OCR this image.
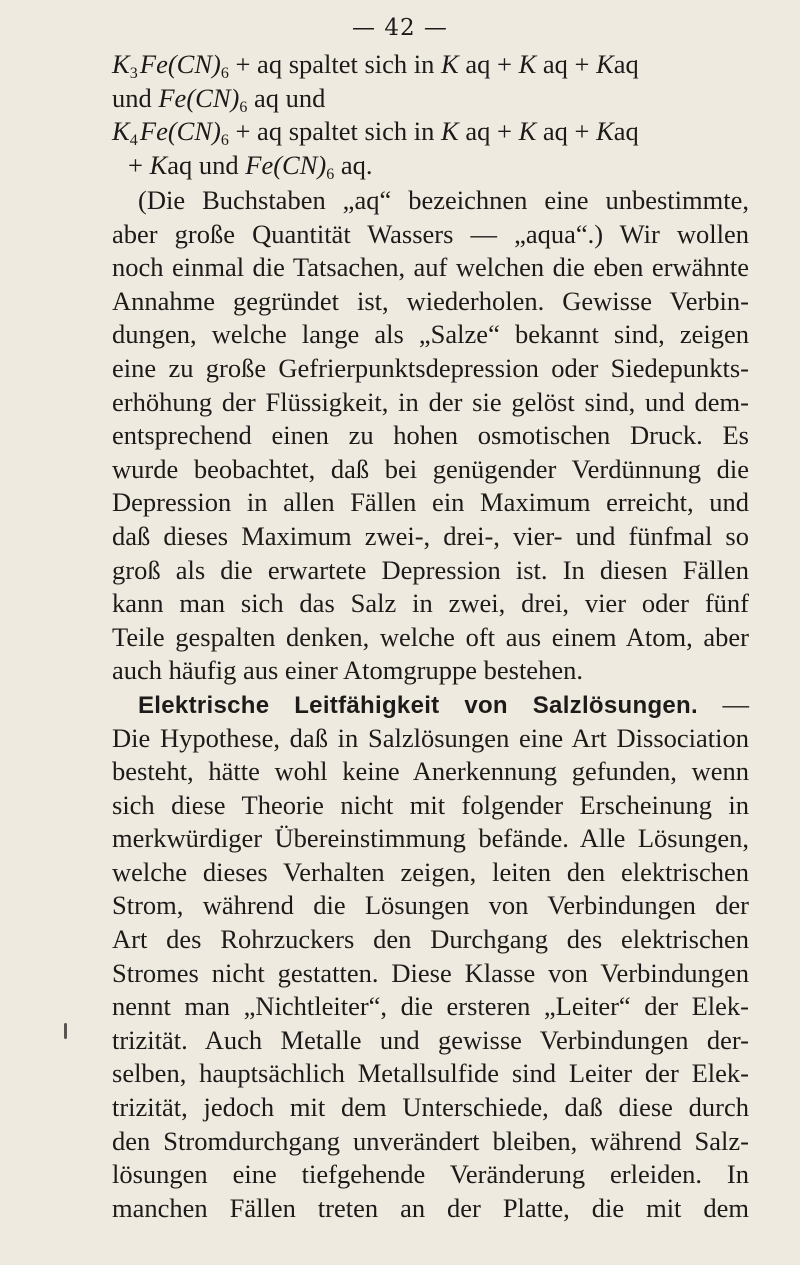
— 42 —
$K_3$ $Fe(CN)_6$ + aq spaltet sich in K aq + K aq + Kaq
und $Fe(CN)_6$ aq und
$K_4$ $Fe(CN)_6$ + aq spaltet sich in K aq + K aq + Kaq
+ Kaq und $Fe(CN)_6$ aq.
(Die Buchstaben „aq“ bezeichnen eine unbestimmte,
aber große Quantität Wassers — „aqua“.) Wir wollen
noch einmal die Tatsachen, auf welchen die eben erwähnte
Annahme gegründet ist, wiederholen. Gewisse Verbin-
dungen, welche lange als „Salze“ bekannt sind, zeigen
eine zu große Gefrierpunktsdepression oder Siedepunkts-
erhöhung der Flüssigkeit, in der sie gelöst sind, und dem-
entsprechend einen zu hohen osmotischen Druck. Es
wurde beobachtet, daß bei genügender Verdünnung die
Depression in allen Fällen ein Maximum erreicht, und
daß dieses Maximum zwei-, drei-, vier- und fünfmal so
groß als die erwartete Depression ist. In diesen Fällen
kann man sich das Salz in zwei, drei, vier oder fünf
Teile gespalten denken, welche oft aus einem Atom, aber
auch häufig aus einer Atomgruppe bestehen.
Elektrische Leitfähigkeit von Salzlösungen. —
Die Hypothese, daß in Salzlösungen eine Art Dissociation
besteht, hätte wohl keine Anerkennung gefunden, wenn
sich diese Theorie nicht mit folgender Erscheinung in
merkwürdiger Übereinstimmung befände. Alle Lösungen,
welche dieses Verhalten zeigen, leiten den elektrischen
Strom, während die Lösungen von Verbindungen der
Art des Rohrzuckers den Durchgang des elektrischen
Stromes nicht gestatten. Diese Klasse von Verbindungen
nennt man „Nichtleiter“, die ersteren „Leiter“ der Elek-
trizität. Auch Metalle und gewisse Verbindungen der-
selben, hauptsächlich Metallsulfide sind Leiter der Elek-
trizität, jedoch mit dem Unterschiede, daß diese durch
den Stromdurchgang unverändert bleiben, während Salz-
lösungen eine tiefgehende Veränderung erleiden. In
manchen Fällen treten an der Platte, die mit dem
